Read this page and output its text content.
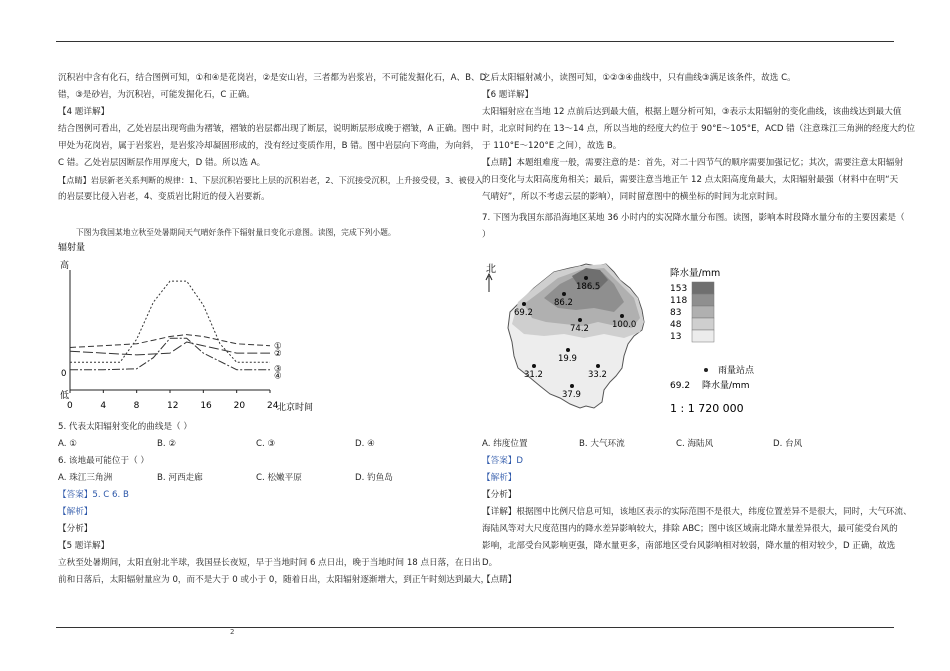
2

沉积岩中含有化石，结合图例可知，①和④是花岗岩，②是安山岩，三者都为岩浆岩，不可能发掘化石，A、B、D

错，③是砂岩，为沉积岩，可能发掘化石，C 正确。

【4 题详解】

结合图例可看出，乙处岩层出现弯曲为褶皱，褶皱的岩层都出现了断层，说明断层形成晚于褶皱，A 正确。图中

甲处为花岗岩，属于岩浆岩，是岩浆冷却凝固形成的，没有经过变质作用，B 错。图中岩层向下弯曲，为向斜，

C 错。乙处岩层因断层作用厚度大，D 错。所以选 A。

【点睛】岩层新老关系判断的规律：1、下层沉积岩要比上层的沉积岩老，2、下沉接受沉积，上升接受侵，3、被侵入

的岩层要比侵入岩老，4、变质岩比附近的侵入岩要新。

下图为我国某地立秋至处暑期间天气晴好条件下辐射量日变化示意图。读图，完成下列小题。

辐射量
高
0
低
北京时间
0	4	8	12 16 20 24
①
②
③
④

5. 代表太阳辐射变化的曲线是（ ）

A. ①	B. ②	C. ③	D. ④

6. 该地最可能位于（ ）

A. 珠江三角洲	B. 河西走廊	C. 松嫩平原	D. 钓鱼岛

【答案】5. C 6. B

【解析】

【分析】

【5 题详解】

立秋至处暑期间，太阳直射北半球，我国昼长夜短，早于当地时间 6 点日出，晚于当地时间 18 点日落，在日出

前和日落后，太阳辐射量应为 0，而不是大于 0 或小于 0，随着日出，太阳辐射逐渐增大，到正午时刻达到最大，

之后太阳辐射减小，读图可知，①②③④曲线中，只有曲线③满足该条件，故选 C。

【6 题详解】

太阳辐射应在当地 12 点前后达到最大值，根据上题分析可知，③表示太阳辐射的变化曲线，该曲线达到最大值

时，北京时间约在 13～14 点，所以当地的经度大约位于 90°E～105°E，ACD 错（注意珠江三角洲的经度大约位

于 110°E～120°E 之间），故选 B。

【点睛】本题组难度一般，需要注意的是：首先，对二十四节气的顺序需要加强记忆；其次，需要注意太阳辐射

的日变化与太阳高度角相关；最后，需要注意当地正午 12 点太阳高度角最大，太阳辐射最强（材料中在明“天

气晴好”，所以不考虑云层的影响），同时留意图中的横坐标的时间为北京时间。

7. 下图为我国东部沿海地区某地 36 小时内的实况降水量分布图。读图，影响本时段降水量分布的主要因素是（

）

北
186.5
69.2
86.2
74.2	100.0
19.9
31.2	33.2
37.9
降水量/mm
153
118
83
48
13
雨量站点
69.2 降水量/mm
1 : 1 720 000
A. 纬度位置	B. 大气环流	C. 海陆风	D. 台风

【答案】D

【解析】

【分析】

【详解】根据图中比例尺信息可知，该地区表示的实际范围不是很大，纬度位置差异不是很大，同时，大气环流、

海陆风等对大尺度范围内的降水差异影响较大，排除 ABC；图中该区域南北降水量差异很大，最可能受台风的

影响，北部受台风影响更强，降水量更多，南部地区受台风影响相对较弱，降水量的相对较少，D 正确，故选

D。

【点睛】
